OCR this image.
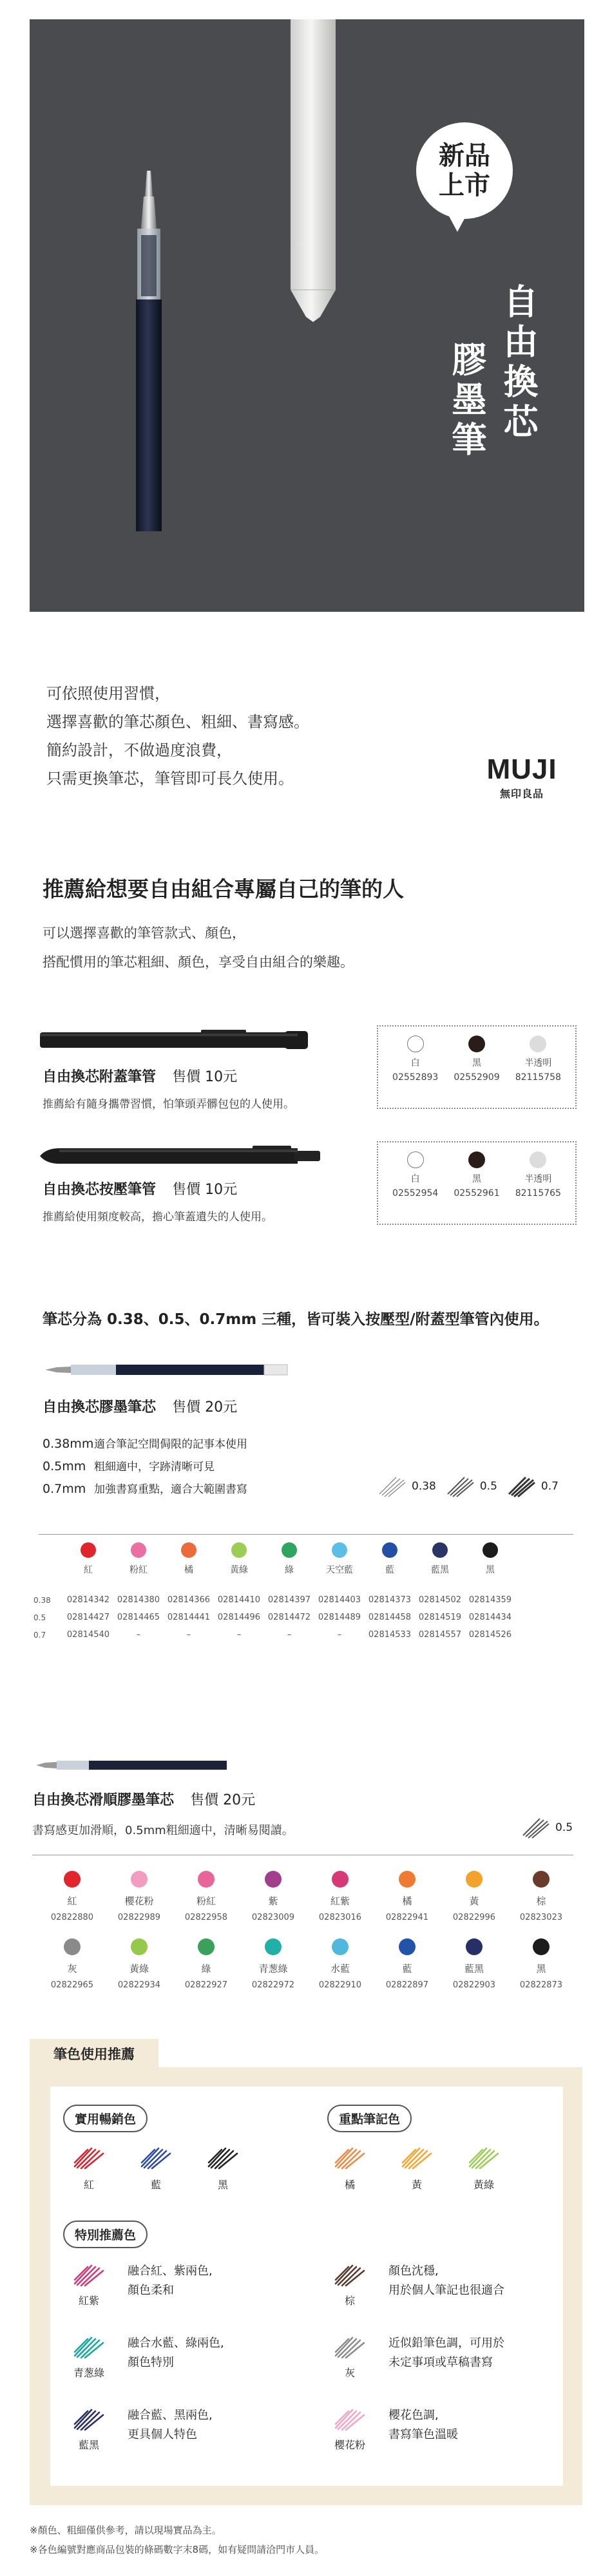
新品
上市
自由換芯
膠墨筆

可依照使用習慣，

選擇喜歡的筆芯顏色、粗細、書寫感。

簡約設計，不做過度浪費，

只需更換筆芯，筆管即可長久使用。	MUJI
無印良品
推薦給想要自由組合專屬自己的筆的人
可以選擇喜歡的筆管款式、顏色，
搭配慣用的筆芯粗細、顏色，享受自由組合的樂趣。
自由換芯附蓋筆管 售價 10元
推薦給有隨身攜帶習慣，怕筆頭弄髒包包的人使用。
白
02552893
黑
02552909
半透明
82115758
自由換芯按壓筆管 售價 10元
推薦給使用頻度較高，擔心筆蓋遺失的人使用。
白
02552954
黑
02552961
半透明
82115765
筆芯分為 0.38、0.5、0.7mm 三種，皆可裝入按壓型/附蓋型筆管內使用。
自由換芯膠墨筆芯 售價 20元
0.38mm適合筆記空間侷限的記事本使用
0.5mm 粗細適中，字跡清晰可見
0.7mm 加強書寫重點，適合大範圍書寫	0.38	0.5	0.7
紅	粉紅	橘	黃綠	綠	天空藍	藍	藍黑	黑
0.38	02814342 02814380 02814366 02814410 02814397 02814403 02814373 02814502 02814359
0.5	02814427 02814465 02814441 02814496 02814472 02814489 02814458 02814519 02814434
0.7	02814540	–	–	–	–	–	02814533 02814557 02814526
自由換芯滑順膠墨筆芯 售價 20元
書寫感更加滑順，0.5mm粗細適中，清晰易閱讀。	0.5
紅
02822880
櫻花粉
02822989
粉紅
02822958
紫
02823009
紅紫
02823016
橘
02822941
黃
02822996
棕
02823023
灰
02822965
黃綠
02822934
綠
02822927
青葱綠
02822972
水藍
02822910
藍
02822897
藍黑
02822903
黑
02822873
筆色使用推薦
實用暢銷色	重點筆記色
紅	藍	黑	橘	黃	黃綠
特別推薦色
紅紫
融合紅、紫兩色,
顏色柔和
青葱綠
融合水藍、綠兩色,
顏色特別
藍黑
融合藍、黑兩色,
更具個人特色
棕
顏色沈穩,
用於個人筆記也很適合
灰
近似鉛筆色調，可用於
未定事項或草稿書寫
櫻花粉
櫻花色調,
書寫筆色溫暖
※顏色、粗細僅供參考，請以現場實品為主。
※各色編號對應商品包裝的條碼數字末8碼，如有疑問請洽門市人員。
